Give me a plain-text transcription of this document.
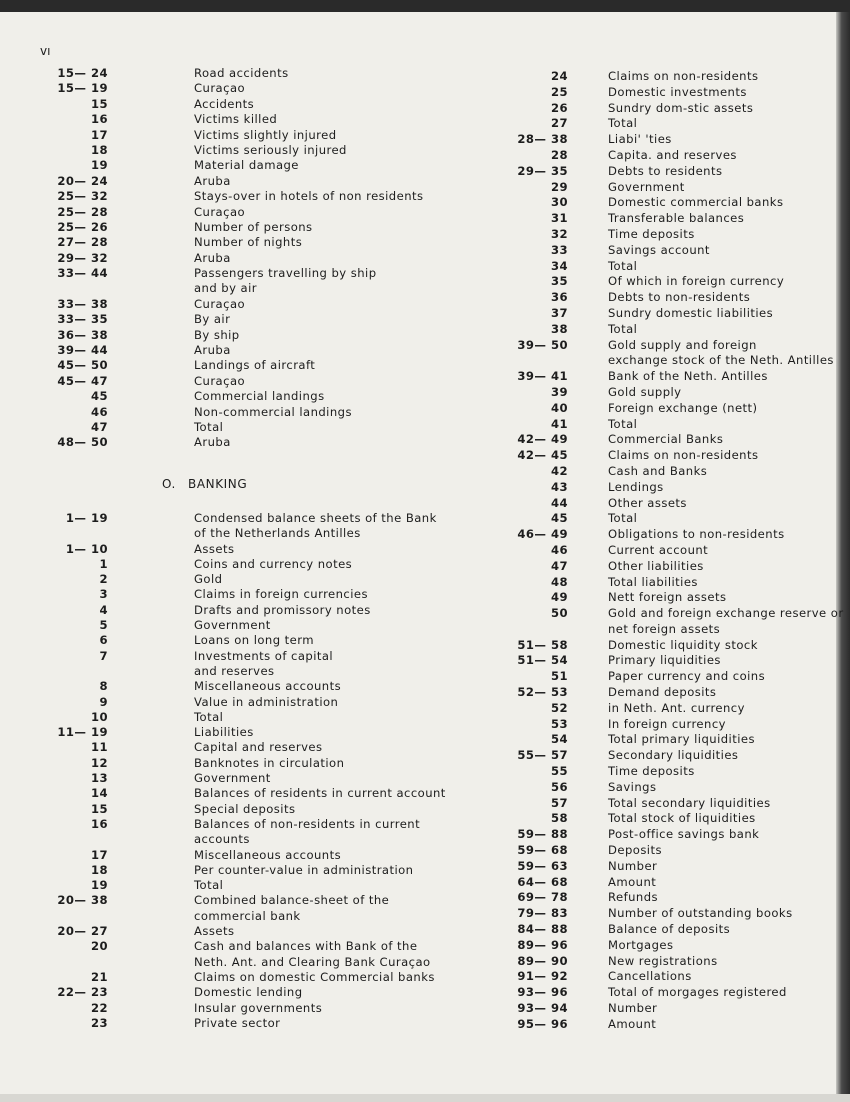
vı
15— 24	Road accidents
15— 19	Curaçao
15	Accidents
16	Victims killed
17	Victims slightly injured
18	Victims seriously injured
19	Material damage
20— 24	Aruba
25— 32	Stays-over in hotels of non residents
25— 28	Curaçao
25— 26	Number of persons
27— 28	Number of nights
29— 32	Aruba
33— 44	Passengers travelling by ship
and by air
33— 38	Curaçao
33— 35	By air
36— 38	By ship
39— 44	Aruba
45— 50	Landings of aircraft
45— 47	Curaçao
45	Commercial landings
46	Non-commercial landings
47	Total
48— 50	Aruba
O. BANKING
1— 19	Condensed balance sheets of the Bank
of the Netherlands Antilles
1— 10	Assets
1	Coins and currency notes
2	Gold
3	Claims in foreign currencies
4	Drafts and promissory notes
5	Government
6	Loans on long term
7	Investments of capital
and reserves
8	Miscellaneous accounts
9	Value in administration
10	Total
11— 19	Liabilities
11	Capital and reserves
12	Banknotes in circulation
13	Government
14	Balances of residents in current account
15	Special deposits
16	Balances of non-residents in current
accounts
17	Miscellaneous accounts
18	Per counter-value in administration
19	Total
20— 38	Combined balance-sheet of the
commercial bank
20— 27	Assets
20	Cash and balances with Bank of the
Neth. Ant. and Clearing Bank Curaçao
21	Claims on domestic Commercial banks
22— 23	Domestic lending
22	Insular governments
23	Private sector
24	Claims on non-residents
25	Domestic investments
26	Sundry dom-stic assets
27	Total
28— 38	Liabi' 'ties
28	Capita. and reserves
29— 35	Debts to residents
29	Government
30	Domestic commercial banks
31	Transferable balances
32	Time deposits
33	Savings account
34	Total
35	Of which in foreign currency
36	Debts to non-residents
37	Sundry domestic liabilities
38	Total
39— 50	Gold supply and foreign
exchange stock of the Neth. Antilles
39— 41	Bank of the Neth. Antilles
39	Gold supply
40	Foreign exchange (nett)
41	Total
42— 49	Commercial Banks
42— 45	Claims on non-residents
42	Cash and Banks
43	Lendings
44	Other assets
45	Total
46— 49	Obligations to non-residents
46	Current account
47	Other liabilities
48	Total liabilities
49	Nett foreign assets
50	Gold and foreign exchange reserve or
net foreign assets
51— 58	Domestic liquidity stock
51— 54	Primary liquidities
51	Paper currency and coins
52— 53	Demand deposits
52	in Neth. Ant. currency
53	In foreign currency
54	Total primary liquidities
55— 57	Secondary liquidities
55	Time deposits
56	Savings
57	Total secondary liquidities
58	Total stock of liquidities
59— 88	Post-office savings bank
59— 68	Deposits
59— 63	Number
64— 68	Amount
69— 78	Refunds
79— 83	Number of outstanding books
84— 88	Balance of deposits
89— 96	Mortgages
89— 90	New registrations
91— 92	Cancellations
93— 96	Total of morgages registered
93— 94	Number
95— 96	Amount
